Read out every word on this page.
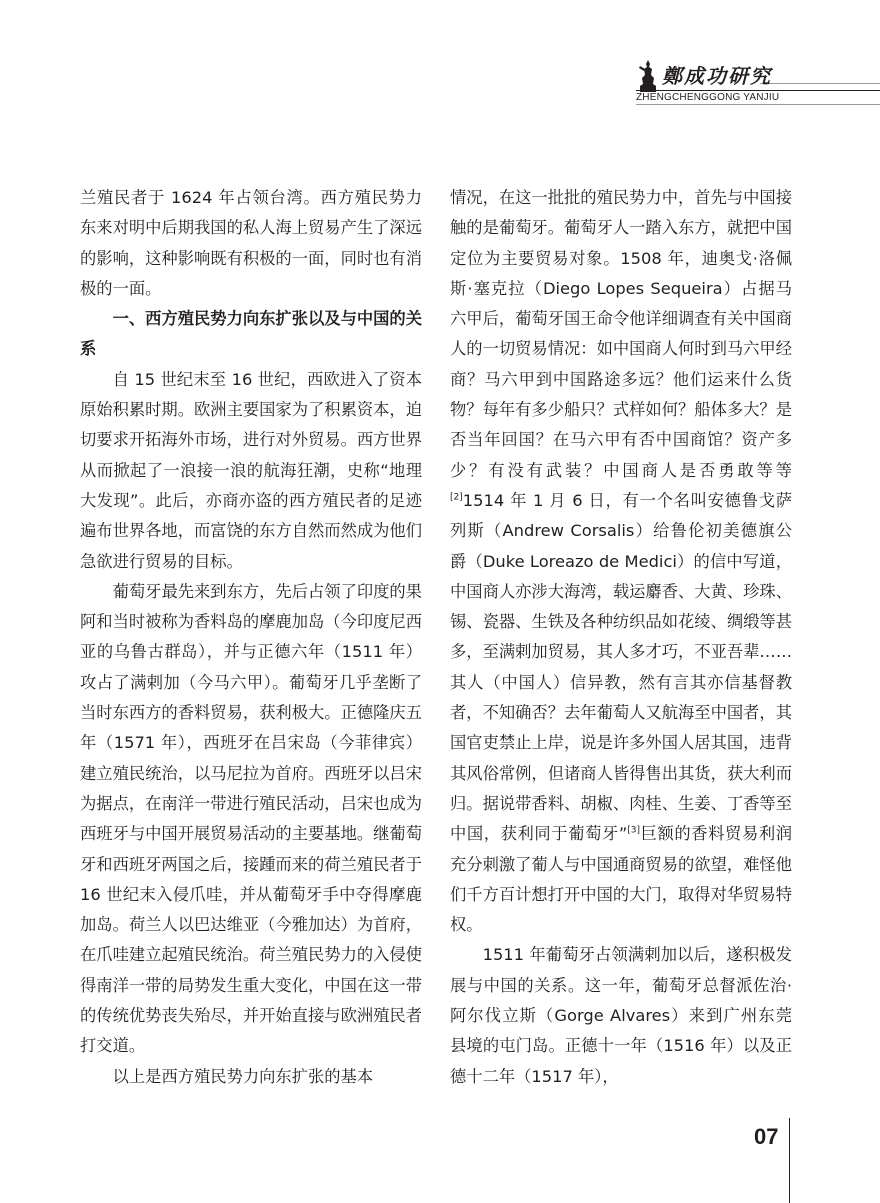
鄭成功研究
ZHENGCHENGGONG YANJIU

兰殖民者于 1624 年占领台湾。西方殖民势力东来对明中后期我国的私人海上贸易产生了深远的影响，这种影响既有积极的一面，同时也有消极的一面。

一、西方殖民势力向东扩张以及与中国的关系

自 15 世纪末至 16 世纪，西欧进入了资本原始积累时期。欧洲主要国家为了积累资本，迫切要求开拓海外市场，进行对外贸易。西方世界从而掀起了一浪接一浪的航海狂潮，史称“地理大发现”。此后，亦商亦盗的西方殖民者的足迹遍布世界各地，而富饶的东方自然而然成为他们急欲进行贸易的目标。

葡萄牙最先来到东方，先后占领了印度的果阿和当时被称为香料岛的摩鹿加岛（今印度尼西亚的乌鲁古群岛），并与正德六年（1511 年）攻占了满剌加（今马六甲）。葡萄牙几乎垄断了当时东西方的香料贸易，获利极大。正德隆庆五年（1571 年），西班牙在吕宋岛（今菲律宾）建立殖民统治，以马尼拉为首府。西班牙以吕宋为据点，在南洋一带进行殖民活动，吕宋也成为西班牙与中国开展贸易活动的主要基地。继葡萄牙和西班牙两国之后，接踵而来的荷兰殖民者于 16 世纪末入侵爪哇，并从葡萄牙手中夺得摩鹿加岛。荷兰人以巴达维亚（今雅加达）为首府，在爪哇建立起殖民统治。荷兰殖民势力的入侵使得南洋一带的局势发生重大变化，中国在这一带的传统优势丧失殆尽，并开始直接与欧洲殖民者打交道。

以上是西方殖民势力向东扩张的基本

情况，在这一批批的殖民势力中，首先与中国接触的是葡萄牙。葡萄牙人一踏入东方，就把中国定位为主要贸易对象。1508 年，迪奥戈·洛佩斯·塞克拉（Diego Lopes Sequeira）占据马六甲后，葡萄牙国王命令他详细调查有关中国商人的一切贸易情况：如中国商人何时到马六甲经商？马六甲到中国路途多远？他们运来什么货物？每年有多少船只？式样如何？船体多大？是否当年回国？在马六甲有否中国商馆？资产多少？有没有武装？中国商人是否勇敢等等[2]1514 年 1 月 6 日，有一个名叫安德鲁戈萨列斯（Andrew Corsalis）给鲁伦初美德旗公爵（Duke Loreazo de Medici）的信中写道，中国商人亦涉大海湾，载运麝香、大黄、珍珠、锡、瓷器、生铁及各种纺织品如花绫、绸缎等甚多，至满剌加贸易，其人多才巧，不亚吾辈……其人（中国人）信异教，然有言其亦信基督教者，不知确否？去年葡萄人又航海至中国者，其国官吏禁止上岸，说是许多外国人居其国，违背其风俗常例，但诸商人皆得售出其货，获大利而归。据说带香料、胡椒、肉桂、生姜、丁香等至中国，获利同于葡萄牙”[3]巨额的香料贸易利润充分刺激了葡人与中国通商贸易的欲望，难怪他们千方百计想打开中国的大门，取得对华贸易特权。

1511 年葡萄牙占领满剌加以后，遂积极发展与中国的关系。这一年，葡萄牙总督派佐治·阿尔伐立斯（Gorge Alvares）来到广州东莞县境的屯门岛。正德十一年（1516 年）以及正德十二年（1517 年），

07
